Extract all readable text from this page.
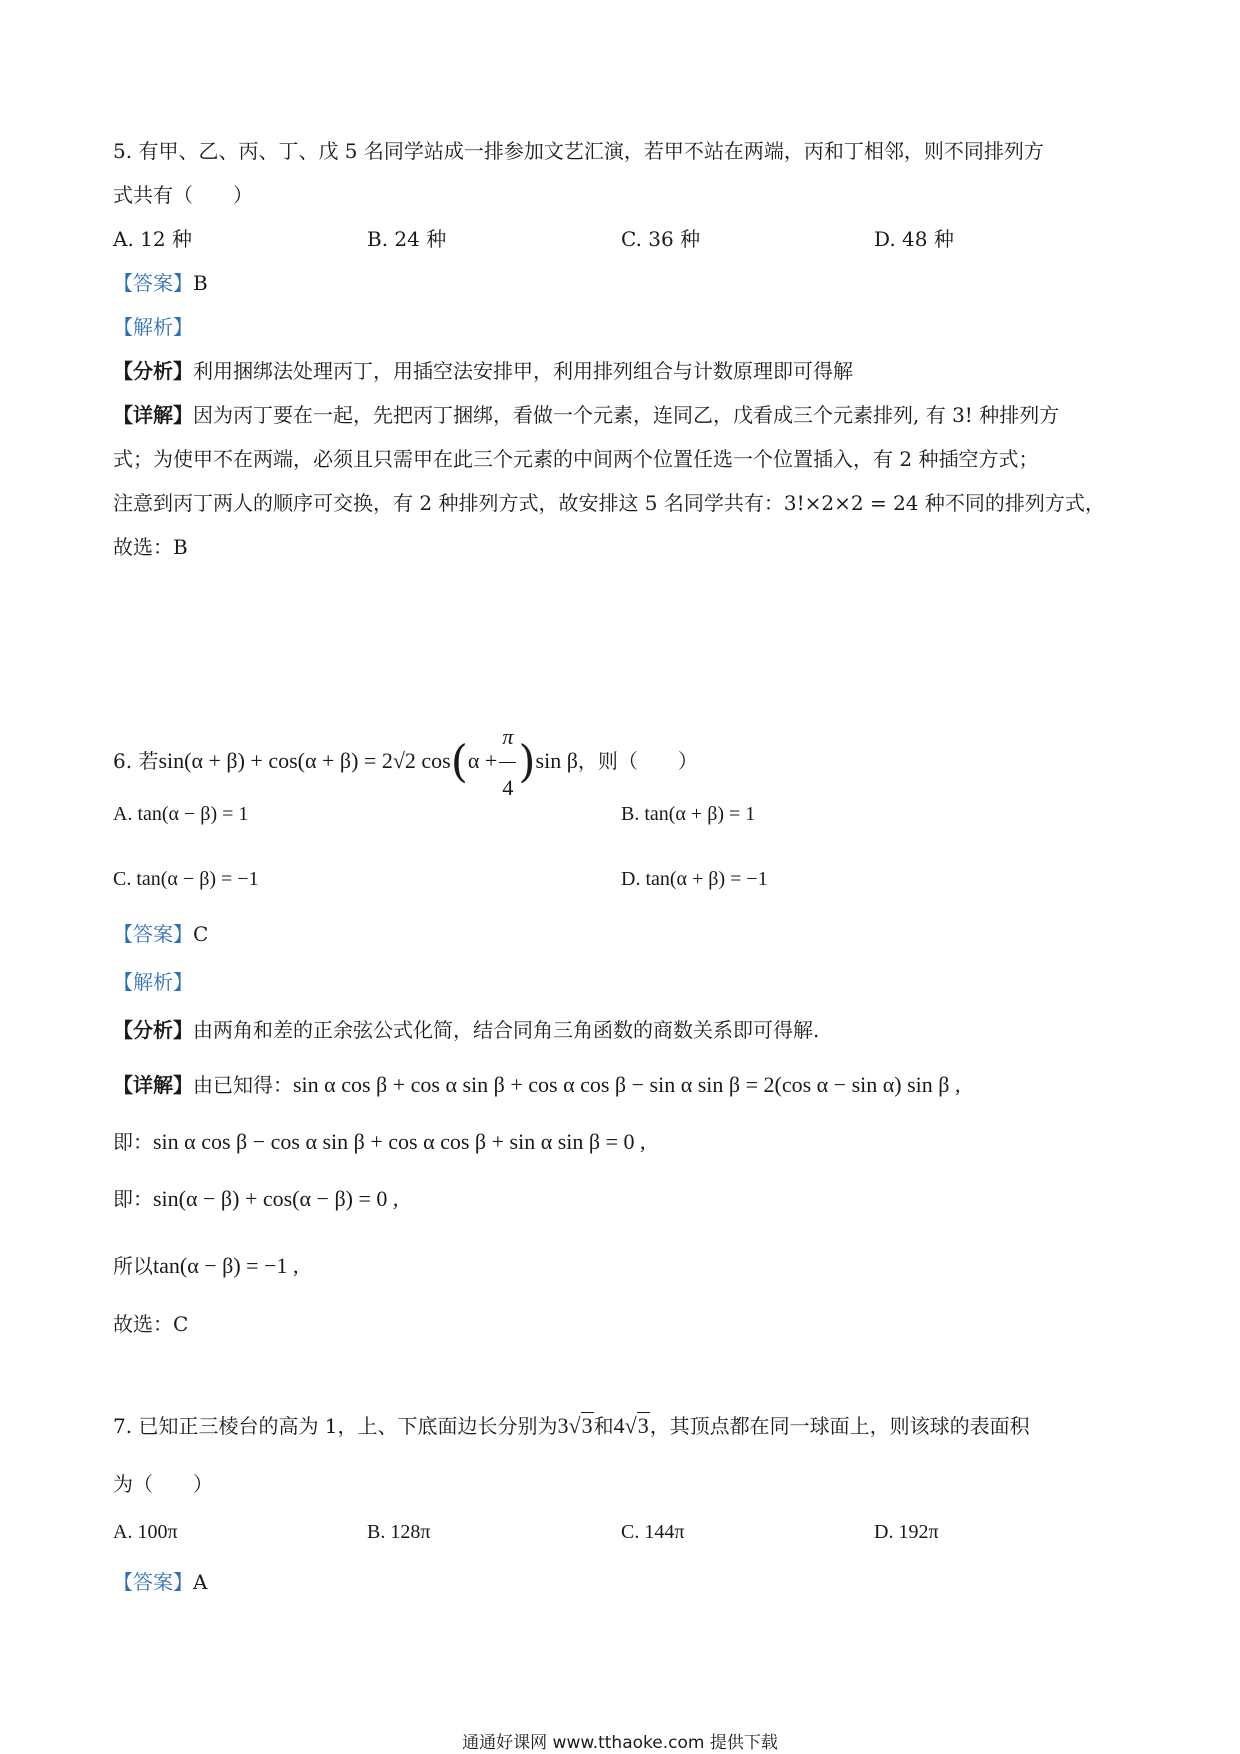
5. 有甲、乙、丙、丁、戊 5 名同学站成一排参加文艺汇演，若甲不站在两端，丙和丁相邻，则不同排列方
式共有（　　）
A. 12 种	B. 24 种	C. 36 种	D. 48 种
【答案】B
【解析】
【分析】利用捆绑法处理丙丁，用插空法安排甲，利用排列组合与计数原理即可得解
【详解】因为丙丁要在一起，先把丙丁捆绑，看做一个元素，连同乙，戊看成三个元素排列, 有 3! 种排列方
式；为使甲不在两端，必须且只需甲在此三个元素的中间两个位置任选一个位置插入，有 2 种插空方式；
注意到丙丁两人的顺序可交换，有 2 种排列方式，故安排这 5 名同学共有：3!×2×2 = 24 种不同的排列方式，
故选：B
6. 若sin(α + β) + cos(α + β) = 2√2 $\cos(\alpha + \frac{\pi}{4} )\sin$ β，则（　　）
A. tan(α − β) = 1	B. tan(α + β) = 1
C. tan(α − β) = −1	D. tan(α + β) = −1
【答案】C
【解析】
【分析】由两角和差的正余弦公式化简，结合同角三角函数的商数关系即可得解.
【详解】由已知得：sin α cos β + cos α sin β + cos α cos β − sin α sin β = 2(cos α − sin α) sin β ,
即：sin α cos β − cos α sin β + cos α cos β + sin α sin β = 0 ,
即：sin(α − β) + cos(α − β) = 0 ,
所以tan(α − β) = −1 ,
故选：C
7. 已知正三棱台的高为 1，上、下底面边长分别为3√3和4√3，其顶点都在同一球面上，则该球的表面积
为（　　）
A. 100π	B. 128π	C. 144π	D. 192π
【答案】A
通通好课网 www.tthaoke.com 提供下载
